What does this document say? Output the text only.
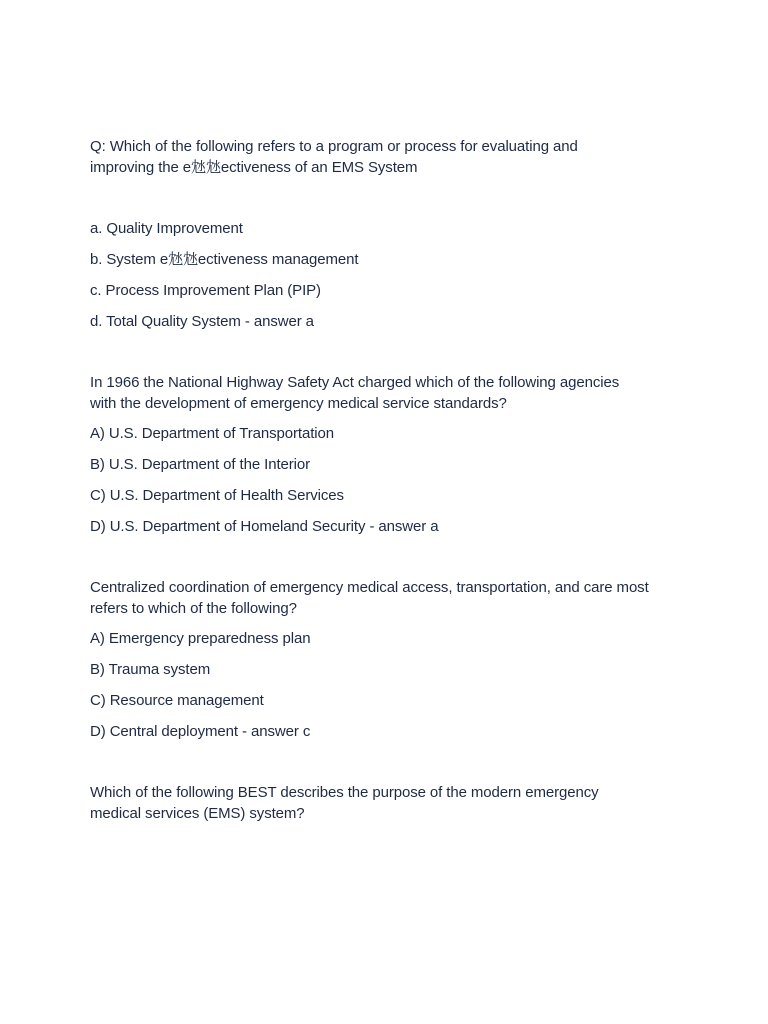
Q: Which of the following refers to a program or process for evaluating and
improving the e沊沊ectiveness of an EMS System
a. Quality Improvement
b. System e沊沊ectiveness management
c. Process Improvement Plan (PIP)
d. Total Quality System - answer a
In 1966 the National Highway Safety Act charged which of the following agencies
with the development of emergency medical service standards?
A) U.S. Department of Transportation
B) U.S. Department of the Interior
C) U.S. Department of Health Services
D) U.S. Department of Homeland Security - answer a
Centralized coordination of emergency medical access, transportation, and care most
refers to which of the following?
A) Emergency preparedness plan
B) Trauma system
C) Resource management
D) Central deployment - answer c
Which of the following BEST describes the purpose of the modern emergency
medical services (EMS) system?
